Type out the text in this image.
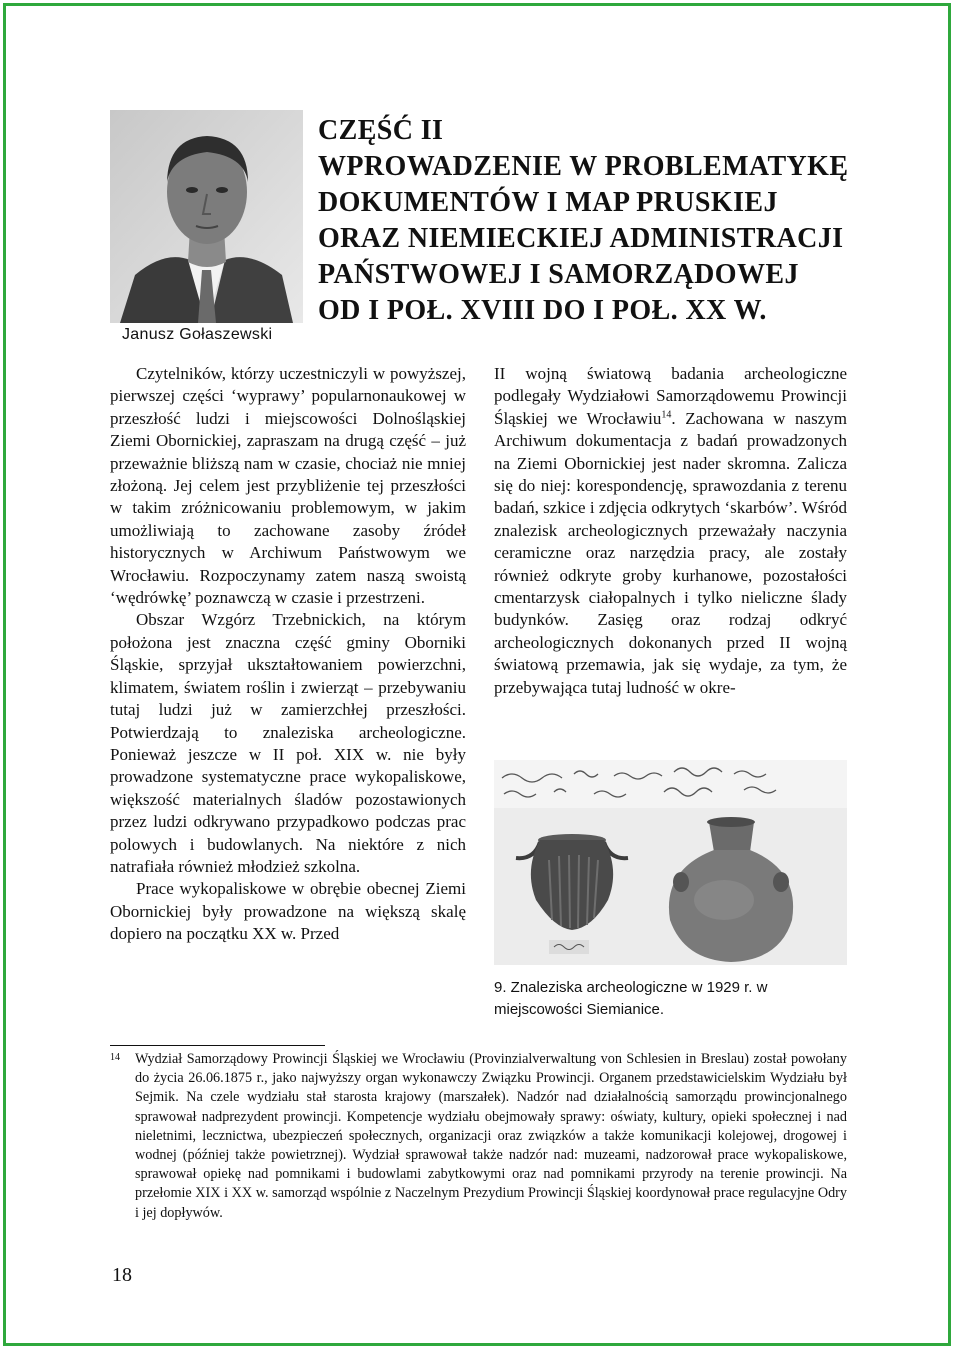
Janusz Gołaszewski
CZĘŚĆ II
WPROWADZENIE W PROBLEMATYKĘ
DOKUMENTÓW I MAP PRUSKIEJ
ORAZ NIEMIECKIEJ ADMINISTRACJI
PAŃSTWOWEJ I SAMORZĄDOWEJ
OD I POŁ. XVIII DO I POŁ. XX W.

Czytelników, którzy uczestniczyli w powyższej, pierwszej części ‘wyprawy’ popularnonaukowej w przeszłość ludzi i miejscowości Dolnośląskiej Ziemi Obornickiej, zapraszam na drugą część – już przeważnie bliższą nam w czasie, chociaż nie mniej złożoną. Jej celem jest przybliżenie tej przeszłości w takim zróżnicowaniu problemowym, w jakim umożliwiają to zachowane zasoby źródeł historycznych w Archiwum Państwowym we Wrocławiu. Rozpoczynamy zatem naszą swoistą ‘wędrówkę’ poznawczą w czasie i przestrzeni.

Obszar Wzgórz Trzebnickich, na którym położona jest znaczna część gminy Oborniki Śląskie, sprzyjał ukształtowaniem powierzchni, klimatem, światem roślin i zwierząt – przebywaniu tutaj ludzi już w zamierzchłej przeszłości. Potwierdzają to znaleziska archeologiczne. Ponieważ jeszcze w II poł. XIX w. nie były prowadzone systematyczne prace wykopaliskowe, większość materialnych śladów pozostawionych przez ludzi odkrywano przypadkowo podczas prac polowych i budowlanych. Na niektóre z nich natrafiała również młodzież szkolna.

Prace wykopaliskowe w obrębie obecnej Ziemi Obornickiej były prowadzone na większą skalę dopiero na początku XX w. Przed

II wojną światową badania archeologiczne podlegały Wydziałowi Samorządowemu Prowincji Śląskiej we Wrocławiu$^{14}$. Zachowana w naszym Archiwum dokumentacja z badań prowadzonych na Ziemi Obornickiej jest nader skromna. Zalicza się do niej: korespondencję, sprawozdania z terenu badań, szkice i zdjęcia odkrytych ‘skarbów’. Wśród znalezisk archeologicznych przeważały naczynia ceramiczne oraz narzędzia pracy, ale zostały również odkryte groby kurhanowe, pozostałości cmentarzysk ciałopalnych i tylko nieliczne ślady budynków. Zasięg oraz rodzaj odkryć archeologicznych dokonanych przed II wojną światową przemawia, jak się wydaje, za tym, że przebywająca tutaj ludność w okre-

9. Znaleziska archeologiczne w 1929 r. w miejscowości Siemianice.
14 Wydział Samorządowy Prowincji Śląskiej we Wrocławiu (Provinzialverwaltung von Schlesien in Breslau) został powołany do życia 26.06.1875 r., jako najwyższy organ wykonawczy Związku Prowincji. Organem przedstawicielskim Wydziału był Sejmik. Na czele wydziału stał starosta krajowy (marszałek). Nadzór nad działalnością samorządu prowincjonalnego sprawował nadprezydent prowincji. Kompetencje wydziału obejmowały sprawy: oświaty, kultury, opieki społecznej i nad nieletnimi, lecznictwa, ubezpieczeń społecznych, organizacji oraz związków a także komunikacji kolejowej, drogowej i wodnej (później także powietrznej). Wydział sprawował także nadzór nad: muzeami, nadzorował prace wykopaliskowe, sprawował opiekę nad pomnikami i budowlami zabytkowymi oraz nad pomnikami przyrody na terenie prowincji. Na przełomie XIX i XX w. samorząd wspólnie z Naczelnym Prezydium Prowincji Śląskiej koordynował prace regulacyjne Odry i jej dopływów.
18
